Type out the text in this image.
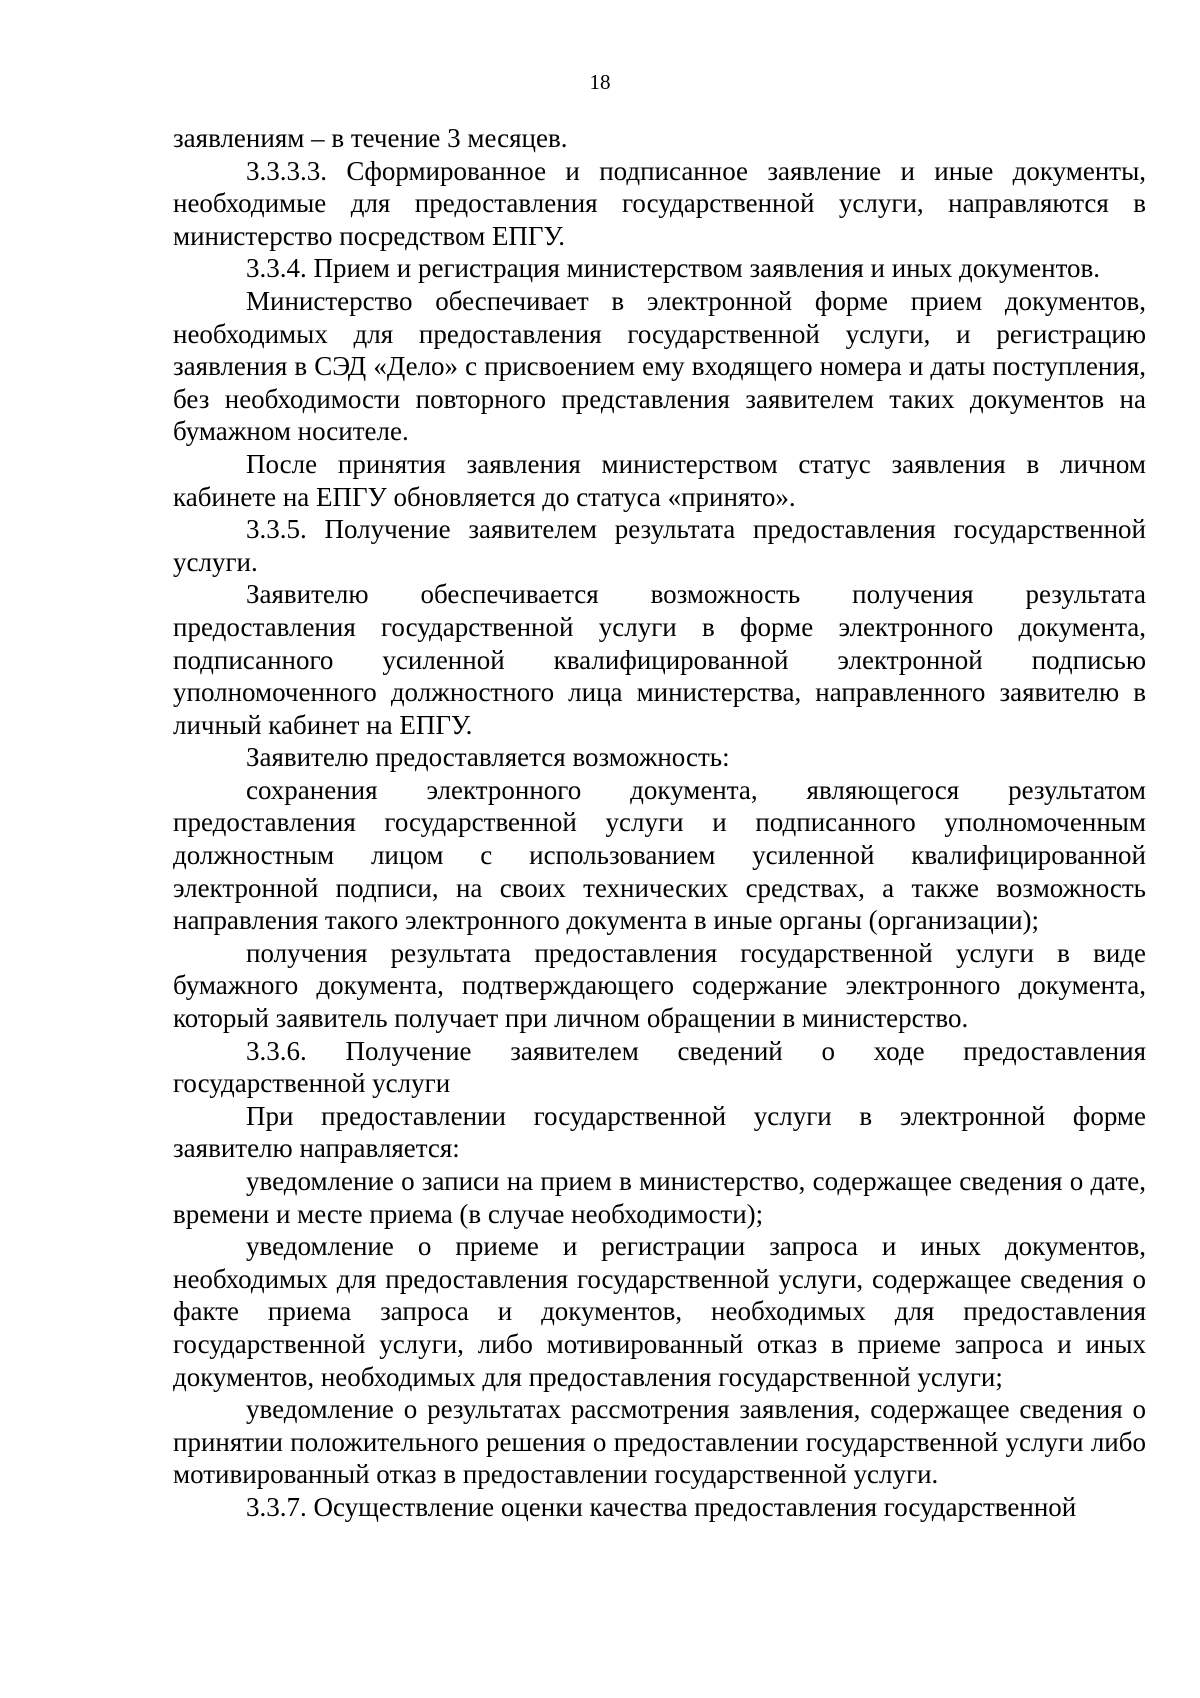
18

заявлениям – в течение 3 месяцев.

3.3.3.3. Сформированное и подписанное заявление и иные документы, необходимые для предоставления государственной услуги, направляются в министерство посредством ЕПГУ.

3.3.4. Прием и регистрация министерством заявления и иных документов.

Министерство обеспечивает в электронной форме прием документов, необходимых для предоставления государственной услуги, и регистрацию заявления в СЭД «Дело» с присвоением ему входящего номера и даты поступления, без необходимости повторного представления заявителем таких документов на бумажном носителе.

После принятия заявления министерством статус заявления в личном кабинете на ЕПГУ обновляется до статуса «принято».

3.3.5. Получение заявителем результата предоставления государственной услуги.

Заявителю обеспечивается возможность получения результата предоставления государственной услуги в форме электронного документа, подписанного усиленной квалифицированной электронной подписью уполномоченного должностного лица министерства, направленного заявителю в личный кабинет на ЕПГУ.

Заявителю предоставляется возможность:

сохранения электронного документа, являющегося результатом предоставления государственной услуги и подписанного уполномоченным должностным лицом с использованием усиленной квалифицированной электронной подписи, на своих технических средствах, а также возможность направления такого электронного документа в иные органы (организации);

получения результата предоставления государственной услуги в виде бумажного документа, подтверждающего содержание электронного документа, который заявитель получает при личном обращении в министерство.

3.3.6. Получение заявителем сведений о ходе предоставления государственной услуги

При предоставлении государственной услуги в электронной форме заявителю направляется:

уведомление о записи на прием в министерство, содержащее сведения о дате, времени и месте приема (в случае необходимости);

уведомление о приеме и регистрации запроса и иных документов, необходимых для предоставления государственной услуги, содержащее сведения о факте приема запроса и документов, необходимых для предоставления государственной услуги, либо мотивированный отказ в приеме запроса и иных документов, необходимых для предоставления государственной услуги;

уведомление о результатах рассмотрения заявления, содержащее сведения о принятии положительного решения о предоставлении государственной услуги либо мотивированный отказ в предоставлении государственной услуги.

3.3.7. Осуществление оценки качества предоставления государственной
